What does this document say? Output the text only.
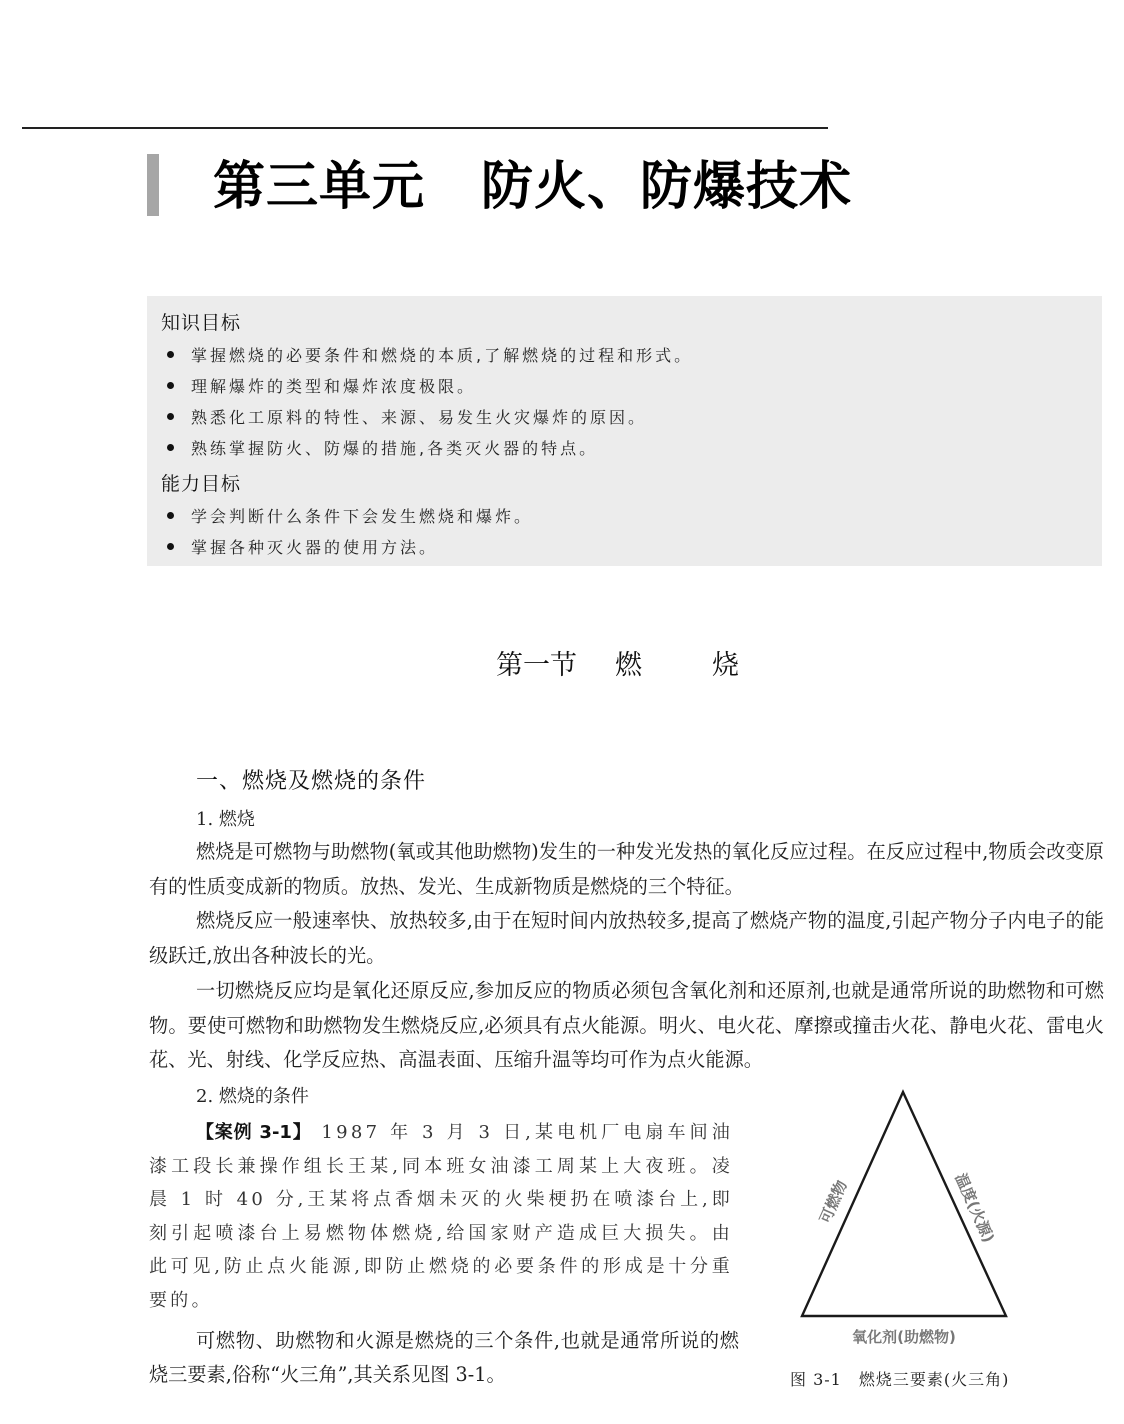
第三单元 防火、防爆技术
知识目标
掌握燃烧的必要条件和燃烧的本质,了解燃烧的过程和形式。
理解爆炸的类型和爆炸浓度极限。
熟悉化工原料的特性、来源、易发生火灾爆炸的原因。
熟练掌握防火、防爆的措施,各类灭火器的特点。
能力目标
学会判断什么条件下会发生燃烧和爆炸。
掌握各种灭火器的使用方法。
第一节 燃	烧
一、燃烧及燃烧的条件
1. 燃烧
燃烧是可燃物与助燃物(氧或其他助燃物)发生的一种发光发热的氧化反应过程。在反应过程中,物质会改变原有的性质变成新的物质。放热、发光、生成新物质是燃烧的三个特征。
燃烧反应一般速率快、放热较多,由于在短时间内放热较多,提高了燃烧产物的温度,引起产物分子内电子的能级跃迁,放出各种波长的光。
一切燃烧反应均是氧化还原反应,参加反应的物质必须包含氧化剂和还原剂,也就是通常所说的助燃物和可燃物。要使可燃物和助燃物发生燃烧反应,必须具有点火能源。明火、电火花、摩擦或撞击火花、静电火花、雷电火花、光、射线、化学反应热、高温表面、压缩升温等均可作为点火能源。
2. 燃烧的条件
【案例 3-1】 1987 年 3 月 3 日,某电机厂电扇车间油漆工段长兼操作组长王某,同本班女油漆工周某上大夜班。凌晨 1 时 40 分,王某将点香烟未灭的火柴梗扔在喷漆台上,即刻引起喷漆台上易燃物体燃烧,给国家财产造成巨大损失。由此可见,防止点火能源,即防止燃烧的必要条件的形成是十分重要的。
可燃物、助燃物和火源是燃烧的三个条件,也就是通常所说的燃烧三要素,俗称“火三角”,其关系见图 3-1。
可燃物	温度(火源)
氧化剂(助燃物)
图 3-1　燃烧三要素(火三角)
